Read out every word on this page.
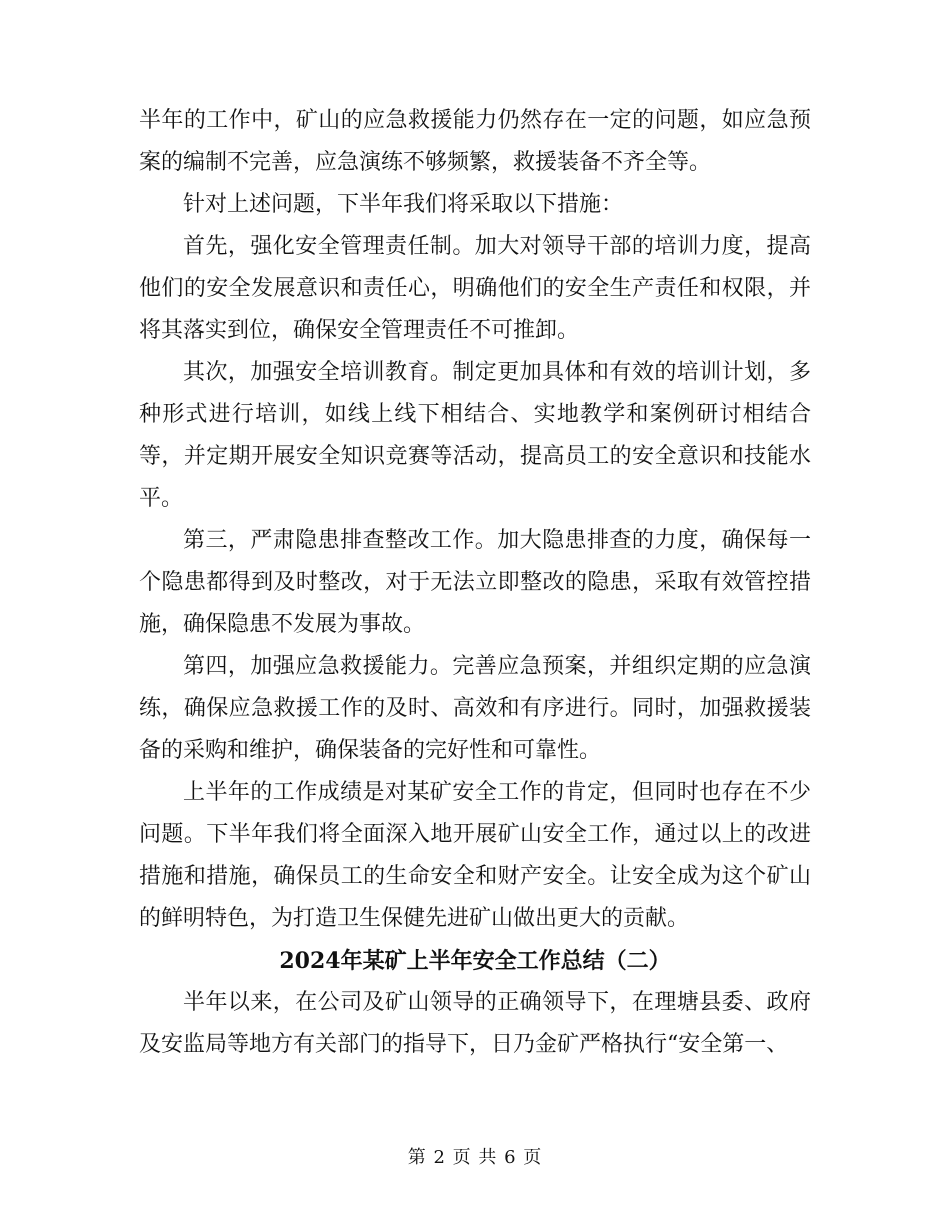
半年的工作中，矿山的应急救援能力仍然存在一定的问题，如应急预案的编制不完善，应急演练不够频繁，救援装备不齐全等。

针对上述问题，下半年我们将采取以下措施：

首先，强化安全管理责任制。加大对领导干部的培训力度，提高他们的安全发展意识和责任心，明确他们的安全生产责任和权限，并将其落实到位，确保安全管理责任不可推卸。

其次，加强安全培训教育。制定更加具体和有效的培训计划，多种形式进行培训，如线上线下相结合、实地教学和案例研讨相结合等，并定期开展安全知识竞赛等活动，提高员工的安全意识和技能水平。

第三，严肃隐患排查整改工作。加大隐患排查的力度，确保每一个隐患都得到及时整改，对于无法立即整改的隐患，采取有效管控措施，确保隐患不发展为事故。

第四，加强应急救援能力。完善应急预案，并组织定期的应急演练，确保应急救援工作的及时、高效和有序进行。同时，加强救援装备的采购和维护，确保装备的完好性和可靠性。

上半年的工作成绩是对某矿安全工作的肯定，但同时也存在不少问题。下半年我们将全面深入地开展矿山安全工作，通过以上的改进措施和措施，确保员工的生命安全和财产安全。让安全成为这个矿山的鲜明特色，为打造卫生保健先进矿山做出更大的贡献。

2024年某矿上半年安全工作总结（二）

半年以来，在公司及矿山领导的正确领导下，在理塘县委、政府及安监局等地方有关部门的指导下，日乃金矿严格执行“安全第一、

第 2 页 共 6 页
